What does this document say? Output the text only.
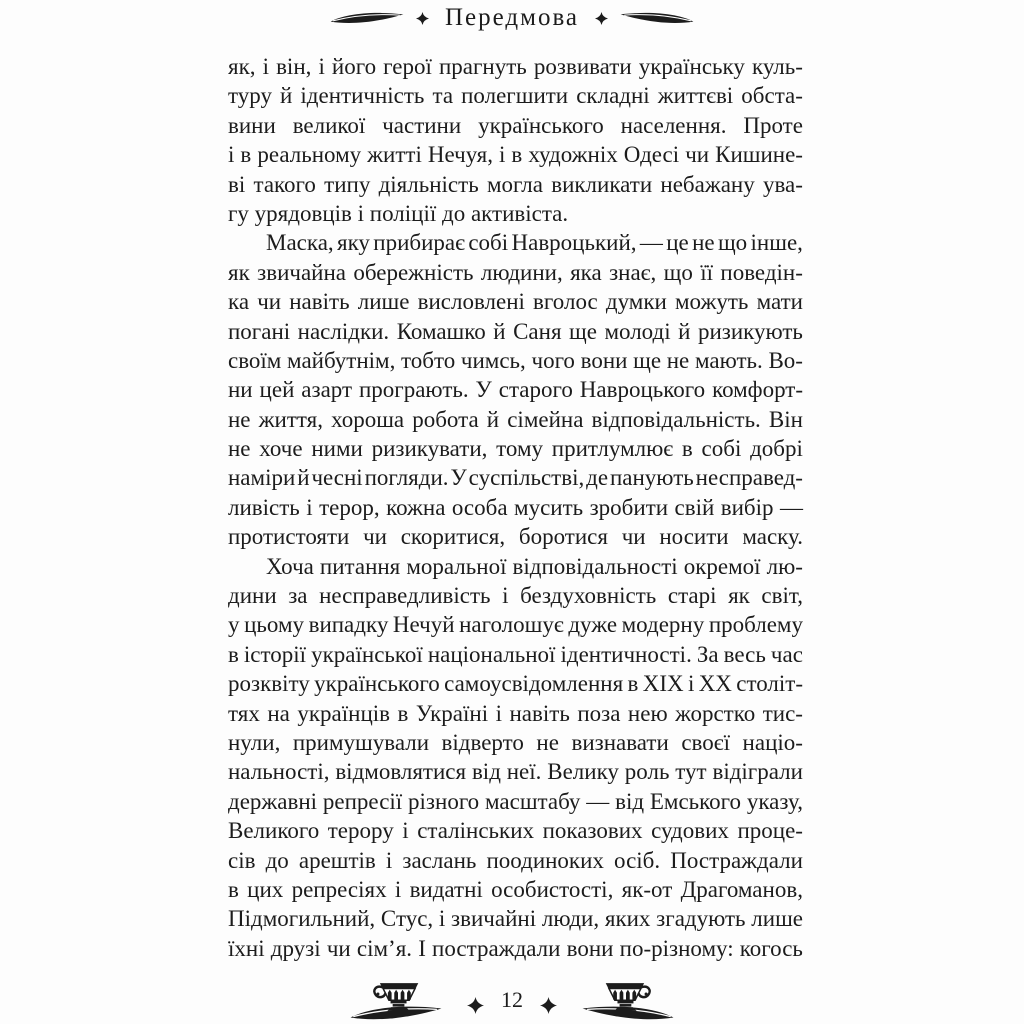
Передмова
як, і він, і його герої прагнуть розвивати українську куль-
туру й ідентичність та полегшити складні життєві обста-
вини великої частини українського населення. Проте
і в реальному житті Нечуя, і в художніх Одесі чи Кишине-
ві такого типу діяльність могла викликати небажану ува-
гу урядовців і поліції до активіста.
Маска, яку прибирає собі Навроцький, — це не що інше,
як звичайна обережність людини, яка знає, що її поведін-
ка чи навіть лише висловлені вголос думки можуть мати
погані наслідки. Комашко й Саня ще молоді й ризикують
своїм майбутнім, тобто чимсь, чого вони ще не мають. Во-
ни цей азарт програють. У старого Навроцького комфорт-
не життя, хороша робота й сімейна відповідальність. Він
не хоче ними ризикувати, тому притлумлює в собі добрі
наміри й чесні погляди. У суспільстві, де панують несправед-
ливість і терор, кожна особа мусить зробити свій вибір —
протистояти чи скоритися, боротися чи носити маску.
Хоча питання моральної відповідальності окремої лю-
дини за несправедливість і бездуховність старі як світ,
у цьому випадку Нечуй наголошує дуже модерну проблему
в історії української національної ідентичності. За весь час
розквіту українського самоусвідомлення в XIX і XX століт-
тях на українців в Україні і навіть поза нею жорстко тис-
нули, примушували відверто не визнавати своєї націо-
нальності, відмовлятися від неї. Велику роль тут відіграли
державні репресії різного масштабу — від Емського указу,
Великого терору і сталінських показових судових проце-
сів до арештів і заслань поодиноких осіб. Постраждали
в цих репресіях і видатні особистості, як-от Драгоманов,
Підмогильний, Стус, і звичайні люди, яких згадують лише
їхні друзі чи сім’я. І постраждали вони по-різному: когось
12
